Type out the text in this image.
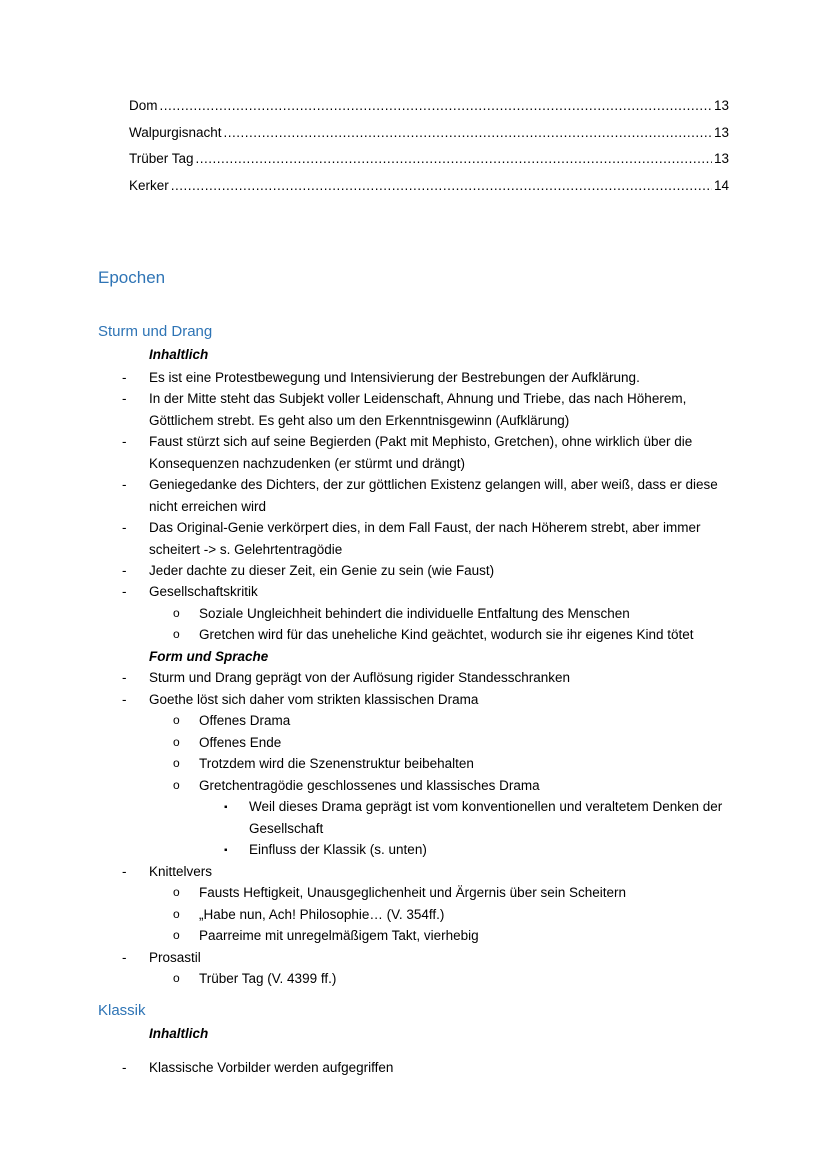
Dom .....	13
Walpurgisnacht .....	13
Trüber Tag .....	13
Kerker .....	14
Epochen
Sturm und Drang
Inhaltlich
- Es ist eine Protestbewegung und Intensivierung der Bestrebungen der Aufklärung.
- In der Mitte steht das Subjekt voller Leidenschaft, Ahnung und Triebe, das nach Höherem, Göttlichem strebt. Es geht also um den Erkenntnisgewinn (Aufklärung)
- Faust stürzt sich auf seine Begierden (Pakt mit Mephisto, Gretchen), ohne wirklich über die Konsequenzen nachzudenken (er stürmt und drängt)
- Geniegedanke des Dichters, der zur göttlichen Existenz gelangen will, aber weiß, dass er diese nicht erreichen wird
- Das Original-Genie verkörpert dies, in dem Fall Faust, der nach Höherem strebt, aber immer scheitert -> s. Gelehrtentragödie
- Jeder dachte zu dieser Zeit, ein Genie zu sein (wie Faust)
- Gesellschaftskritik
o Soziale Ungleichheit behindert die individuelle Entfaltung des Menschen
o Gretchen wird für das uneheliche Kind geächtet, wodurch sie ihr eigenes Kind tötet
Form und Sprache
- Sturm und Drang geprägt von der Auflösung rigider Standesschranken
- Goethe löst sich daher vom strikten klassischen Drama
o Offenes Drama
o Offenes Ende
o Trotzdem wird die Szenenstruktur beibehalten
o Gretchentragödie geschlossenes und klassisches Drama
▪ Weil dieses Drama geprägt ist vom konventionellen und veraltetem Denken der Gesellschaft
▪ Einfluss der Klassik (s. unten)
- Knittelvers
o Fausts Heftigkeit, Unausgeglichenheit und Ärgernis über sein Scheitern
o „Habe nun, Ach! Philosophie… (V. 354ff.)
o Paarreime mit unregelmäßigem Takt, vierhebig
- Prosastil
o Trüber Tag (V. 4399 ff.)
Klassik
Inhaltlich
- Klassische Vorbilder werden aufgegriffen
